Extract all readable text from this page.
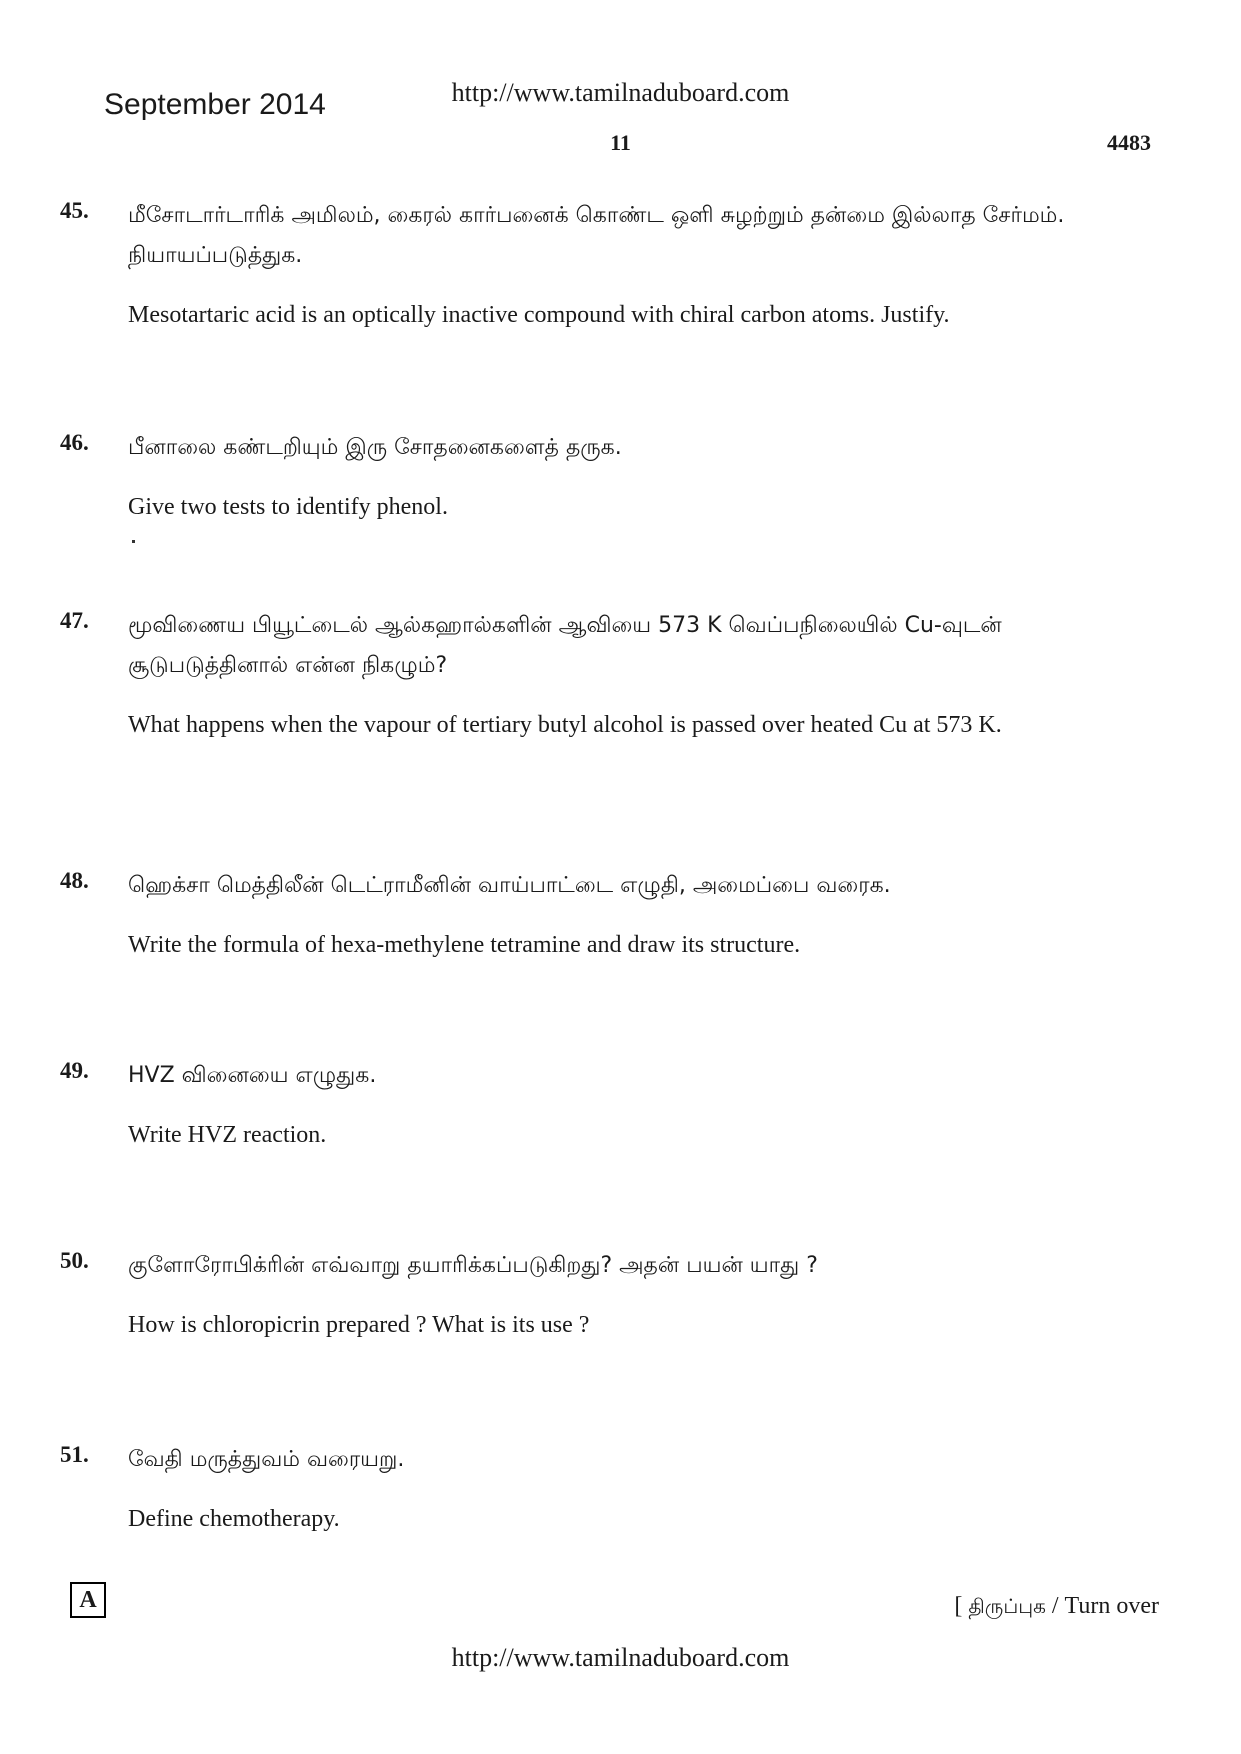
September 2014	http://www.tamilnaduboard.com
11	4483
45. மீசோடார்டாரிக் அமிலம், கைரல் கார்பனைக் கொண்ட ஒளி சுழற்றும் தன்மை இல்லாத சேர்மம். நியாயப்படுத்துக.
Mesotartaric acid is an optically inactive compound with chiral carbon atoms. Justify.
46. பீனாலை கண்டறியும் இரு சோதனைகளைத் தருக.
Give two tests to identify phenol.
47. மூவிணைய பியூட்டைல் ஆல்கஹால்களின் ஆவியை 573 K வெப்பநிலையில் Cu-வுடன் சூடுபடுத்தினால் என்ன நிகழும்?
What happens when the vapour of tertiary butyl alcohol is passed over heated Cu at 573 K.
48. ஹெக்சா மெத்திலீன் டெட்ராமீனின் வாய்பாட்டை எழுதி, அமைப்பை வரைக.
Write the formula of hexa-methylene tetramine and draw its structure.
49. HVZ வினையை எழுதுக.
Write HVZ reaction.
50. குளோரோபிக்ரின் எவ்வாறு தயாரிக்கப்படுகிறது? அதன் பயன் யாது ?
How is chloropicrin prepared ? What is its use ?
51. வேதி மருத்துவம் வரையறு.
Define chemotherapy.
A	[ திருப்புக / Turn over
http://www.tamilnaduboard.com
